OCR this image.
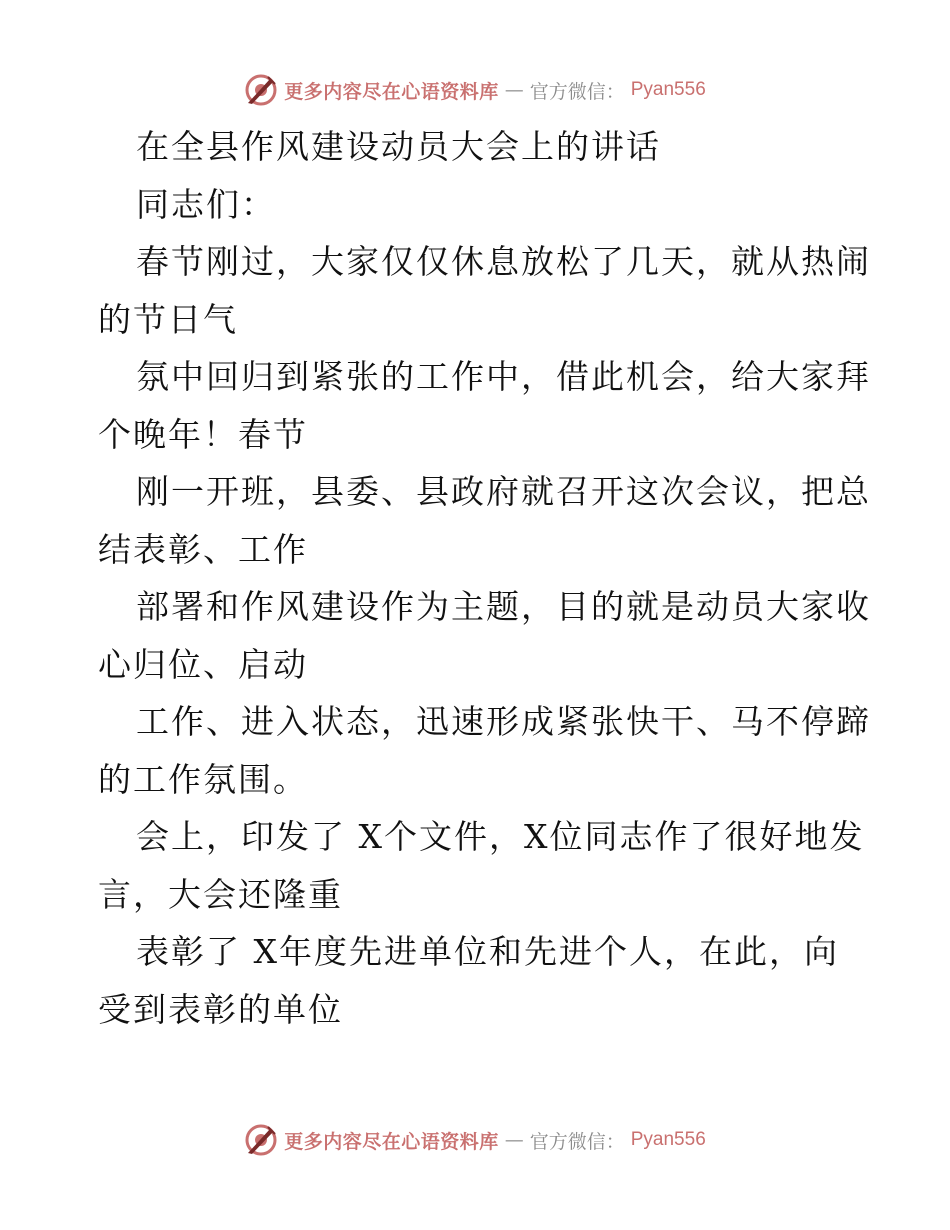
更多内容尽在心语资料库 — 官方微信： Pyan556
在全县作风建设动员大会上的讲话
同志们：
春节刚过，大家仅仅休息放松了几天，就从热闹
的节日气
氛中回归到紧张的工作中，借此机会，给大家拜
个晚年！春节
刚一开班，县委、县政府就召开这次会议，把总
结表彰、工作
部署和作风建设作为主题，目的就是动员大家收
心归位、启动
工作、进入状态，迅速形成紧张快干、马不停蹄
的工作氛围。
会上，印发了 X个文件，X位同志作了很好地发
言，大会还隆重
表彰了 X年度先进单位和先进个人，在此，向
受到表彰的单位
更多内容尽在心语资料库 — 官方微信： Pyan556
